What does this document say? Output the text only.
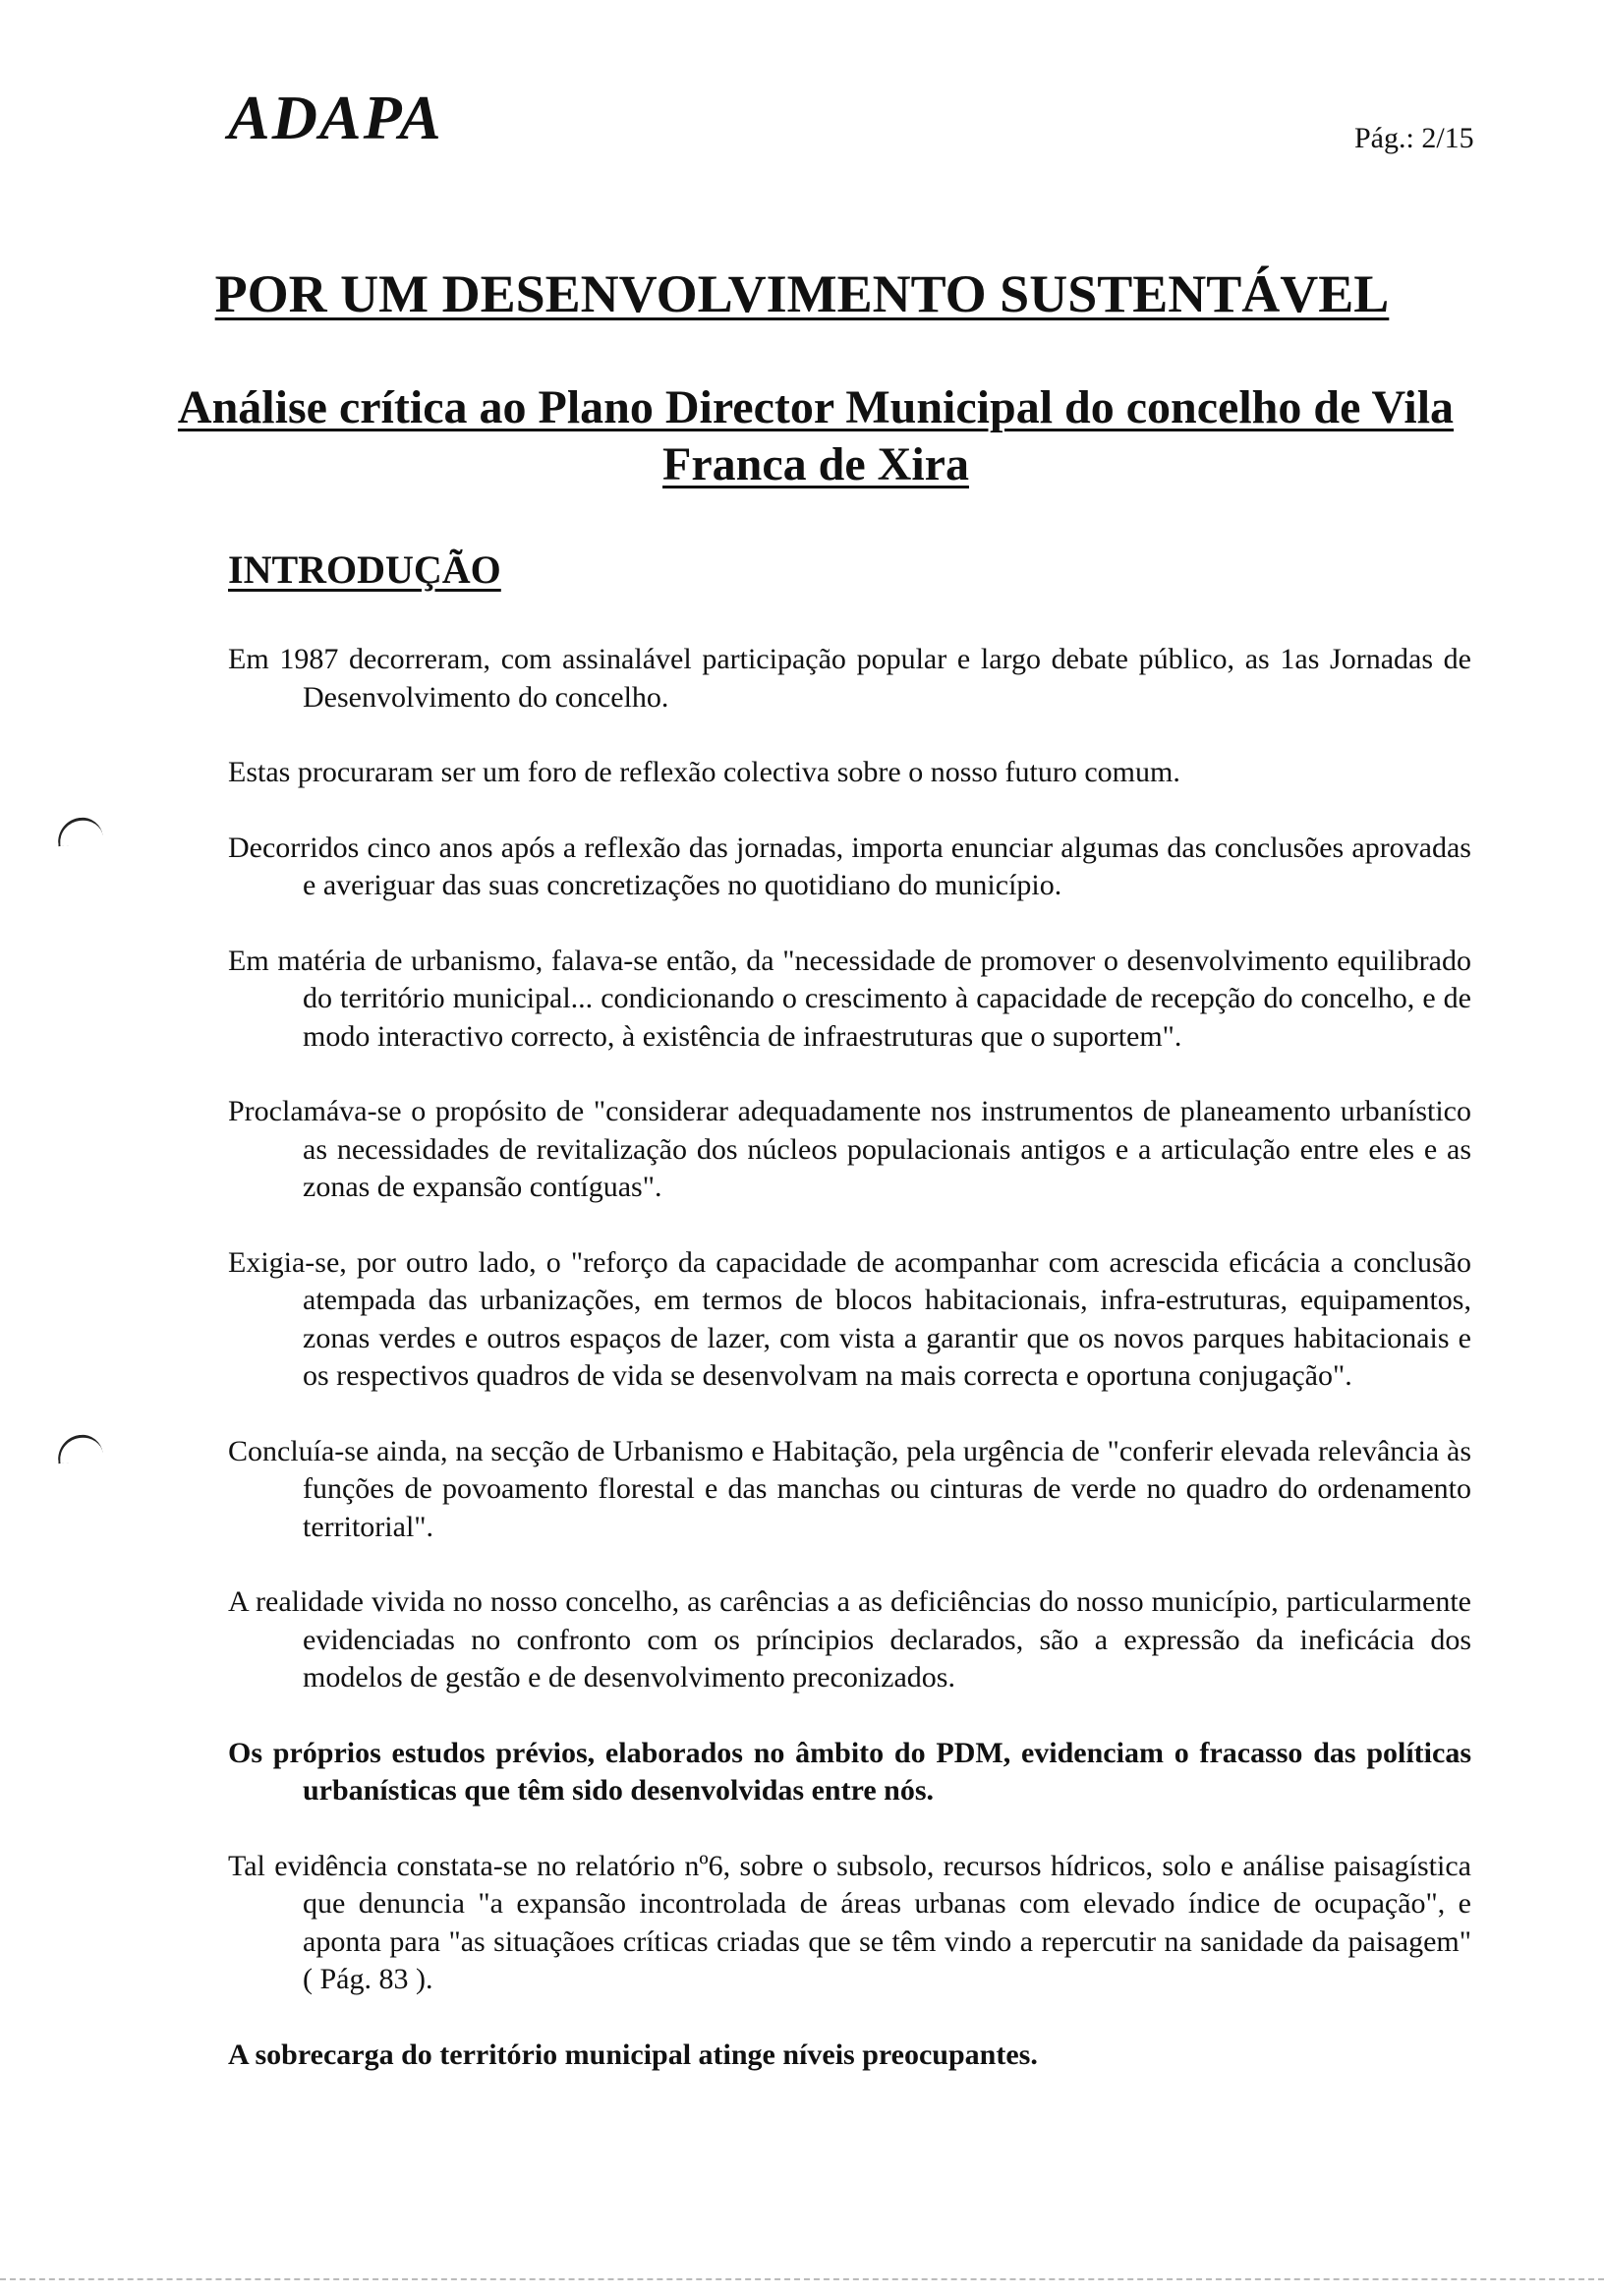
ADAPA	Pág.: 2/15
POR UM DESENVOLVIMENTO SUSTENTÁVEL
Análise crítica ao Plano Director Municipal do concelho de Vila Franca de Xira
INTRODUÇÃO

Em 1987 decorreram, com assinalável participação popular e largo debate público, as 1as Jornadas de Desenvolvimento do concelho.

Estas procuraram ser um foro de reflexão colectiva sobre o nosso futuro comum.

Decorridos cinco anos após a reflexão das jornadas, importa enunciar algumas das conclusões aprovadas e averiguar das suas concretizações no quotidiano do município.

Em matéria de urbanismo, falava-se então, da "necessidade de promover o desenvolvimento equilibrado do território municipal... condicionando o crescimento à capacidade de recepção do concelho, e de modo interactivo correcto, à existência de infraestruturas que o suportem".

Proclamáva-se o propósito de "considerar adequadamente nos instrumentos de planeamento urbanístico as necessidades de revitalização dos núcleos populacionais antigos e a articulação entre eles e as zonas de expansão contíguas".

Exigia-se, por outro lado, o "reforço da capacidade de acompanhar com acrescida eficácia a conclusão atempada das urbanizações, em termos de blocos habitacionais, infra-estruturas, equipamentos, zonas verdes e outros espaços de lazer, com vista a garantir que os novos parques habitacionais e os respectivos quadros de vida se desenvolvam na mais correcta e oportuna conjugação".

Concluía-se ainda, na secção de Urbanismo e Habitação, pela urgência de "conferir elevada relevância às funções de povoamento florestal e das manchas ou cinturas de verde no quadro do ordenamento territorial".

A realidade vivida no nosso concelho, as carências a as deficiências do nosso município, particularmente evidenciadas no confronto com os príncipios declarados, são a expressão da ineficácia dos modelos de gestão e de desenvolvimento preconizados.

Os próprios estudos prévios, elaborados no âmbito do PDM, evidenciam o fracasso das políticas urbanísticas que têm sido desenvolvidas entre nós.

Tal evidência constata-se no relatório nº6, sobre o subsolo, recursos hídricos, solo e análise paisagística que denuncia "a expansão incontrolada de áreas urbanas com elevado índice de ocupação", e aponta para "as situaçãoes críticas criadas que se têm vindo a repercutir na sanidade da paisagem" ( Pág. 83 ).

A sobrecarga do território municipal atinge níveis preocupantes.
